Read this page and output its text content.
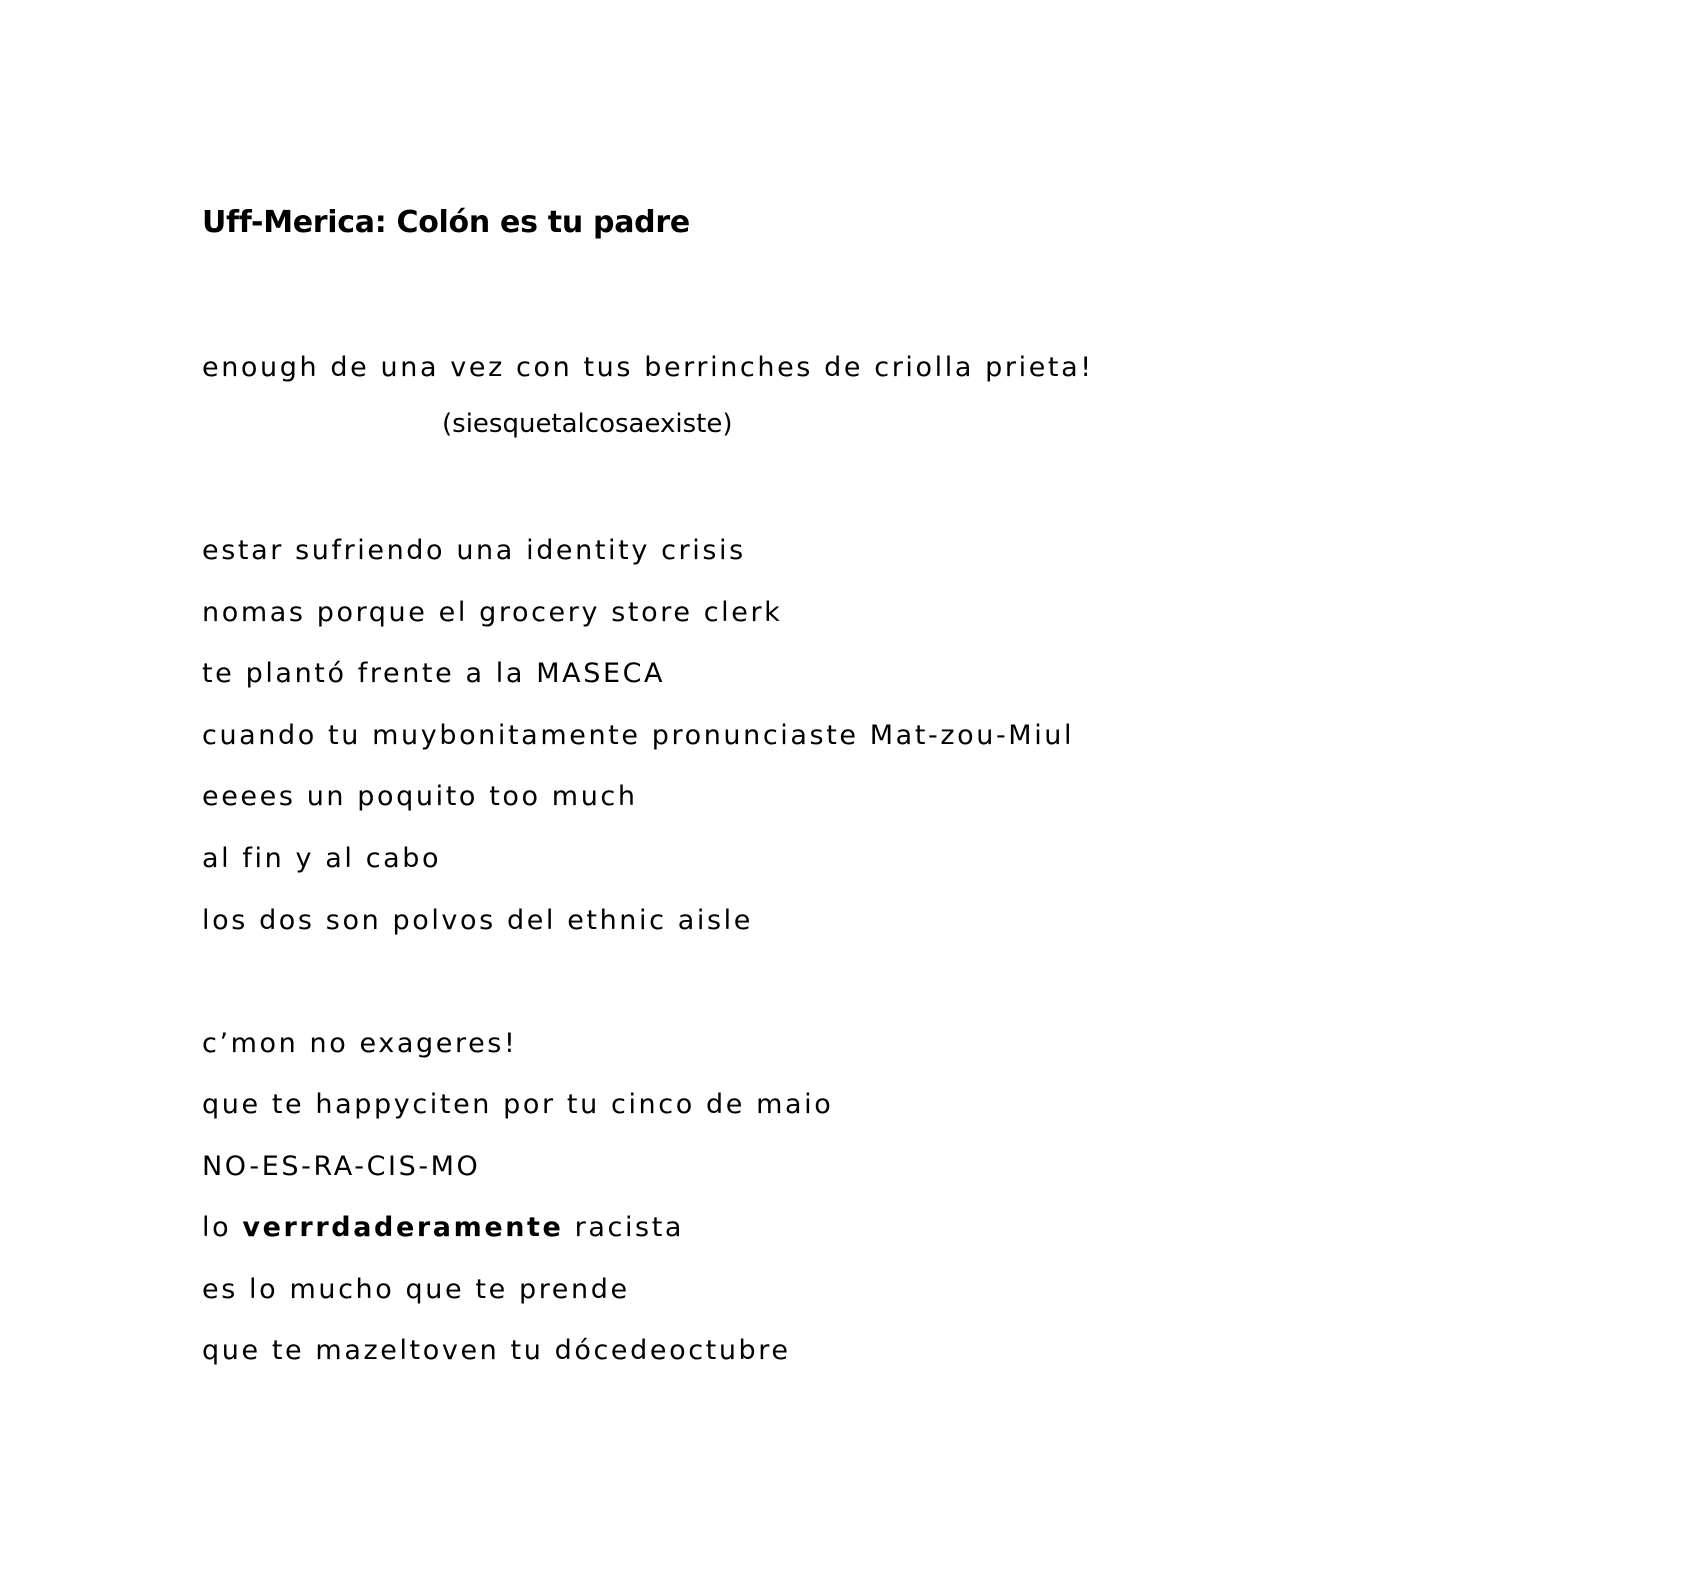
Uff-Merica: Colón es tu padre
enough de una vez con tus berrinches de criolla prieta!
(siesquetalcosaexiste)
estar sufriendo una identity crisis
nomas porque el grocery store clerk
te plantó frente a la MASECA
cuando tu muybonitamente pronunciaste Mat-zou-Miul
eeees un poquito too much
al fin y al cabo
los dos son polvos del ethnic aisle
c’mon no exageres!
que te happyciten por tu cinco de maio
NO-ES-RA-CIS-MO
lo verrrdaderamente racista
es lo mucho que te prende
que te mazeltoven tu dócedeoctubre
